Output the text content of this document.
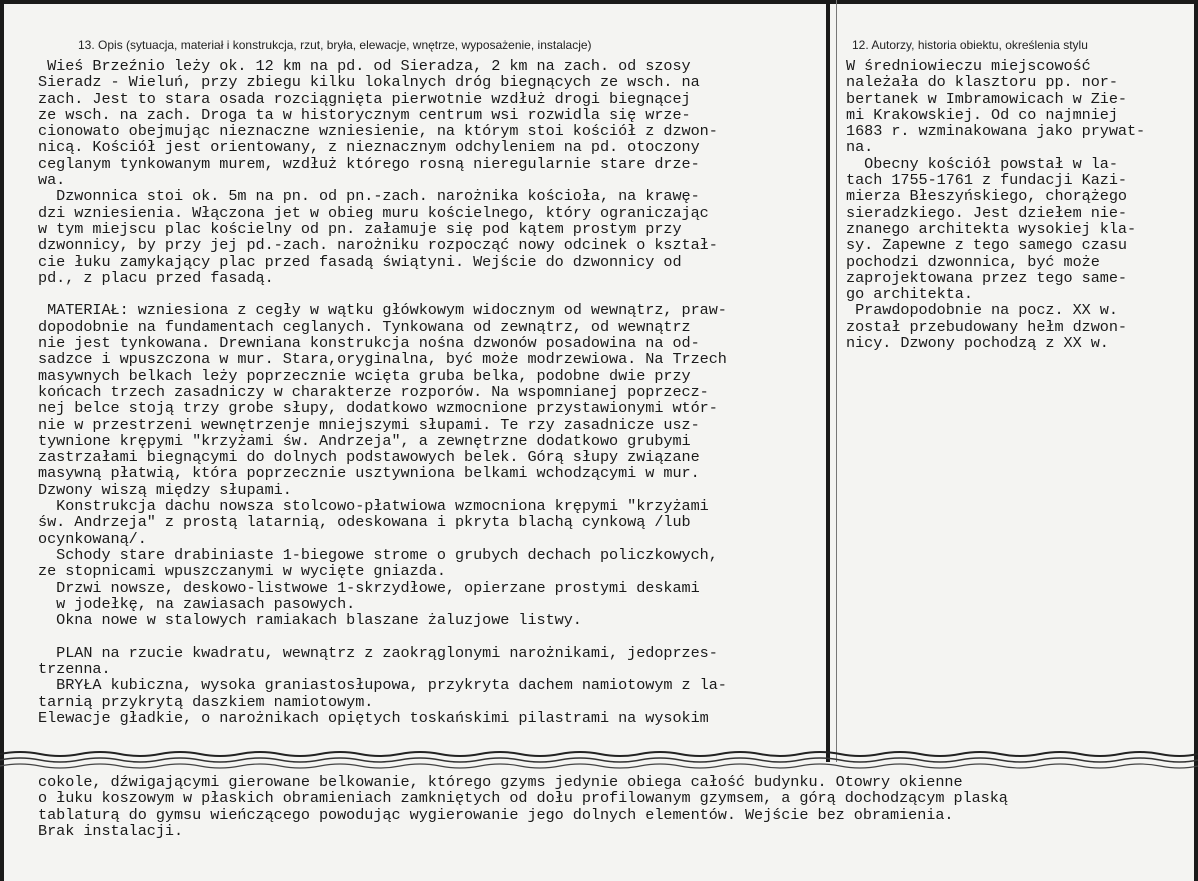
13. Opis (sytuacja, materiał i konstrukcja, rzut, bryła, elewacje, wnętrze, wyposażenie, instalacje)	12. Autorzy, historia obiektu, określenia stylu
Wieś Brzeźnio leży ok. 12 km na pd. od Sieradza, 2 km na zach. od szosy
Sieradz - Wieluń, przy zbiegu kilku lokalnych dróg biegnących ze wsch. na
zach. Jest to stara osada rozciągnięta pierwotnie wzdłuż drogi biegnącej
ze wsch. na zach. Droga ta w historycznym centrum wsi rozwidla się wrze-
cionowato obejmując nieznaczne wzniesienie, na którym stoi kościół z dzwon-
nicą. Kościół jest orientowany, z nieznacznym odchyleniem na pd. otoczony
ceglanym tynkowanym murem, wzdłuż którego rosną nieregularnie stare drze-
wa.
Dzwonnica stoi ok. 5m na pn. od pn.-zach. narożnika kościoła, na krawę-
dzi wzniesienia. Włączona jet w obieg muru kościelnego, który ograniczając
w tym miejscu plac kościelny od pn. załamuje się pod kątem prostym przy
dzwonnicy, by przy jej pd.-zach. narożniku rozpocząć nowy odcinek o kształ-
cie łuku zamykający plac przed fasadą świątyni. Wejście do dzwonnicy od
pd., z placu przed fasadą.

MATERIAŁ: wzniesiona z cegły w wątku główkowym widocznym od wewnątrz, praw-
dopodobnie na fundamentach ceglanych. Tynkowana od zewnątrz, od wewnątrz
nie jest tynkowana. Drewniana konstrukcja nośna dzwonów posadowina na od-
sadzce i wpuszczona w mur. Stara,oryginalna, być może modrzewiowa. Na Trzech
masywnych belkach leży poprzecznie wcięta gruba belka, podobne dwie przy
końcach trzech zasadniczy w charakterze rozporów. Na wspomnianej poprzecz-
nej belce stoją trzy grobe słupy, dodatkowo wzmocnione przystawionymi wtór-
nie w przestrzeni wewnętrzenje mniejszymi słupami. Te rzy zasadnicze usz-
tywnione krępymi "krzyżami św. Andrzeja", a zewnętrzne dodatkowo grubymi
zastrzałami biegnącymi do dolnych podstawowych belek. Górą słupy związane
masywną płatwią, która poprzecznie usztywniona belkami wchodzącymi w mur.
Dzwony wiszą między słupami.
Konstrukcja dachu nowsza stolcowo-płatwiowa wzmocniona krępymi "krzyżami
św. Andrzeja" z prostą latarnią, odeskowana i pkryta blachą cynkową /lub
ocynkowaną/.
Schody stare drabiniaste 1-biegowe strome o grubych dechach policzkowych,
ze stopnicami wpuszczanymi w wycięte gniazda.
Drzwi nowsze, deskowo-listwowe 1-skrzydłowe, opierzane prostymi deskami
w jodełkę, na zawiasach pasowych.
Okna nowe w stalowych ramiakach blaszane żaluzjowe listwy.

PLAN na rzucie kwadratu, wewnątrz z zaokrąglonymi narożnikami, jedoprzes-
trzenna.
BRYŁA kubiczna, wysoka graniastosłupowa, przykryta dachem namiotowym z la-
tarnią przykrytą daszkiem namiotowym.
Elewacje gładkie, o narożnikach opiętych toskańskimi pilastrami na wysokim
W średniowieczu miejscowość
należała do klasztoru pp. nor-
bertanek w Imbramowicach w Zie-
mi Krakowskiej. Od co najmniej
1683 r. wzminakowana jako prywat-
na.
Obecny kościół powstał w la-
tach 1755-1761 z fundacji Kazi-
mierza Błeszyńskiego, chorążego
sieradzkiego. Jest dziełem nie-
znanego architekta wysokiej kla-
sy. Zapewne z tego samego czasu
pochodzi dzwonnica, być może
zaprojektowana przez tego same-
go architekta.
Prawdopodobnie na pocz. XX w.
został przebudowany hełm dzwon-
nicy. Dzwony pochodzą z XX w.
cokole, dźwigającymi gierowane belkowanie, którego gzyms jedynie obiega całość budynku. Otowry okienne
o łuku koszowym w płaskich obramieniach zamkniętych od dołu profilowanym gzymsem, a górą dochodzącym plaską
tablaturą do gymsu wieńczącego powodując wygierowanie jego dolnych elementów. Wejście bez obramienia.
Brak instalacji.
